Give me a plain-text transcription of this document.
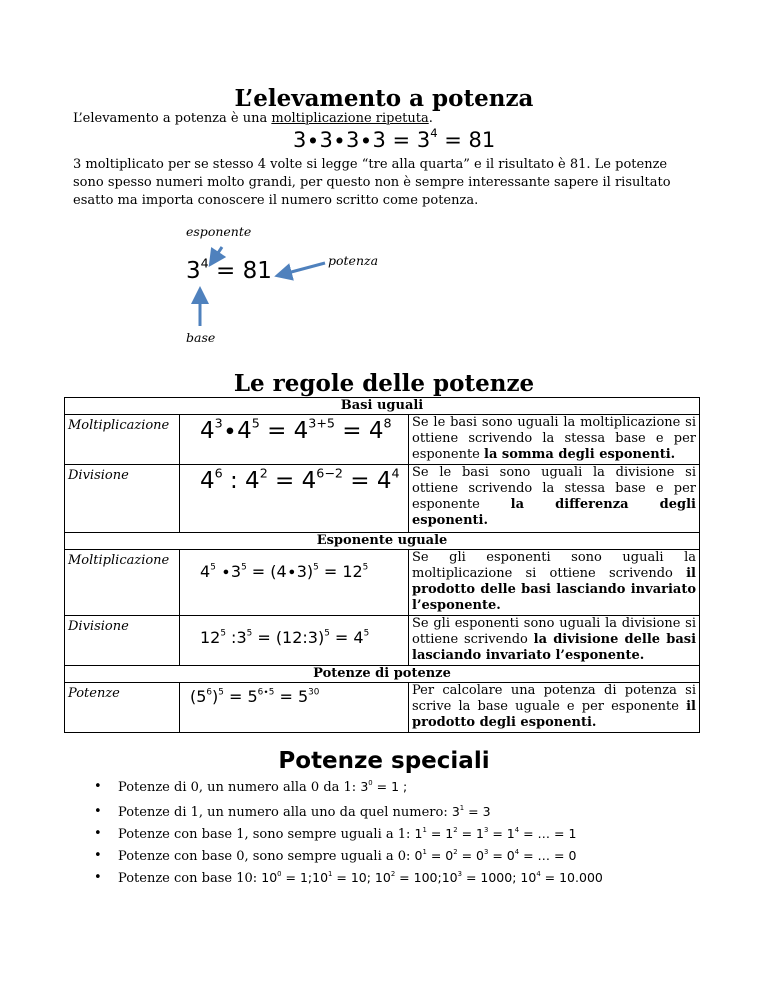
L’elevamento a potenza
L’elevamento a potenza è una moltiplicazione ripetuta.
$3\cdot 3\cdot 3\cdot 3 = 3^4 = 81$
3 moltiplicato per se stesso 4 volte si legge “tre alla quarta” e il risultato è 81. Le potenze sono spesso numeri molto grandi, per questo non è sempre interessante sapere il risultato esatto ma importa conoscere il numero scritto come potenza.
esponente
potenza
base
$3^4 = 81$
Le regole delle potenze
Basi uguali		
Moltiplicazione	$4^3\cdot 4^5 = 4^{3+5} = 4^8$	Se le basi sono uguali la moltiplicazione si ottiene scrivendo la stessa base e per esponente la somma degli esponenti.
Divisione	$4^6$ : $4^2 = 4^{6-2} = 4^4$	Se le basi sono uguali la divisione si ottiene scrivendo la stessa base e per esponente la differenza degli esponenti.
Esponente uguale		
Moltiplicazione	$4^5 \cdot 3^5 = (4\cdot 3)^5 = 12^5$	Se gli esponenti sono uguali la moltiplicazione si ottiene scrivendo il prodotto delle basi lasciando invariato l’esponente.
Divisione	$12^5$ $:3^5$ = (12:3)$^5$ = $4^5$	Se gli esponenti sono uguali la divisione si ottiene scrivendo la divisione delle basi lasciando invariato l’esponente.
Potenze di potenze		
Potenze	$(5^6)^5 = 5^{6\cdot 5} = 5^{30}$	Per calcolare una potenza di potenza si scrive la base uguale e per esponente il prodotto degli esponenti.
Potenze speciali
• Potenze di 0, un numero alla 0 da 1: $3^0 = 1$ ;
• Potenze di 1, un numero alla uno da quel numero: $3^1 = 3$
• Potenze con base 1, sono sempre uguali a 1: $1^1 = 1^2 = 1^3 = 1^4$ = … = 1
• Potenze con base 0, sono sempre uguali a 0: $0^1 = 0^2 = 0^3 = 0^4$ = … = 0
• Potenze con base 10: $10^0$ = $1;10^1 = 10$; $10^2$ = $100;10^3 = 1000$; $10^4 = 10.000$
